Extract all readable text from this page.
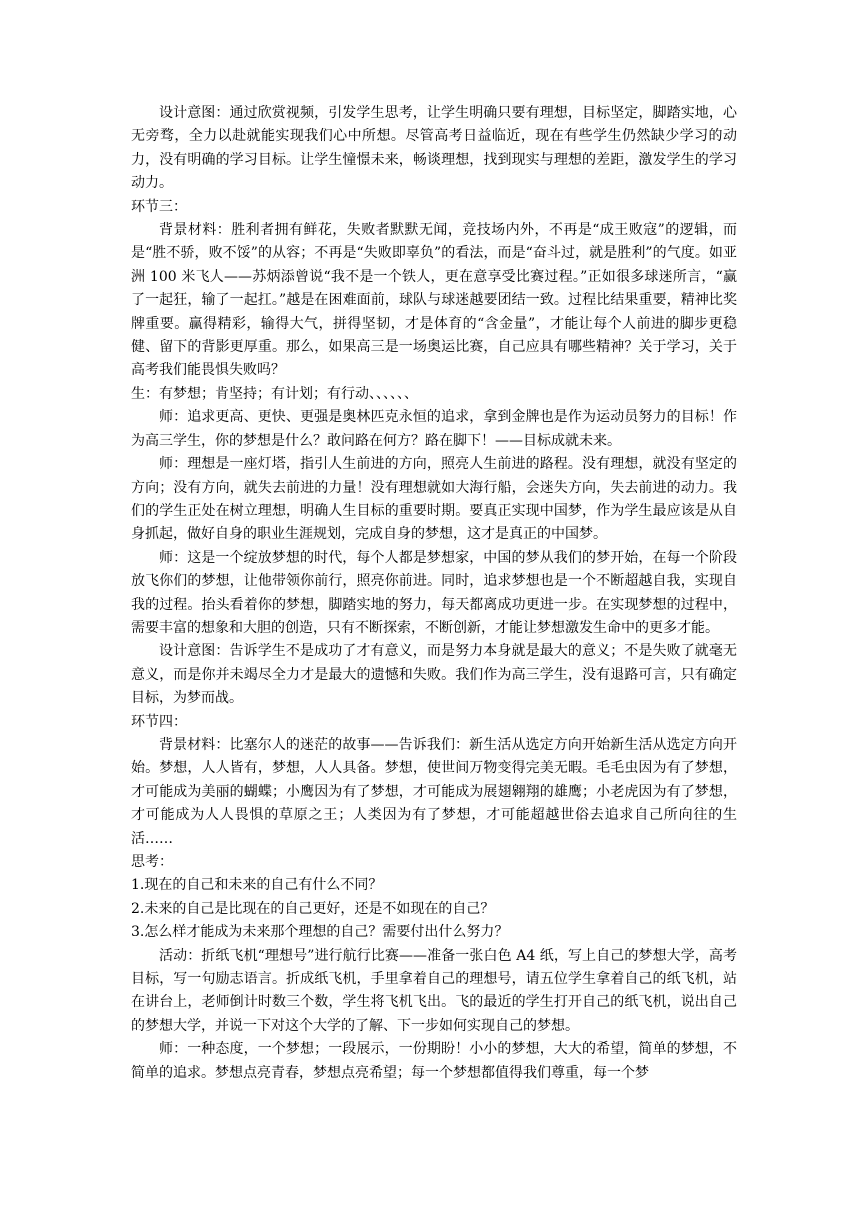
设计意图：通过欣赏视频，引发学生思考，让学生明确只要有理想，目标坚定，脚踏实地，心无旁骛，全力以赴就能实现我们心中所想。尽管高考日益临近，现在有些学生仍然缺少学习的动力，没有明确的学习目标。让学生憧憬未来，畅谈理想，找到现实与理想的差距，激发学生的学习动力。

环节三：

背景材料：胜利者拥有鲜花，失败者默默无闻，竞技场内外，不再是“成王败寇”的逻辑，而是“胜不骄，败不馁”的从容；不再是“失败即辜负”的看法，而是“奋斗过，就是胜利”的气度。如亚洲 100 米飞人——苏炳添曾说“我不是一个铁人，更在意享受比赛过程。”正如很多球迷所言，“赢了一起狂，输了一起扛。”越是在困难面前，球队与球迷越要团结一致。过程比结果重要，精神比奖牌重要。赢得精彩，输得大气，拼得坚韧，才是体育的“含金量”，才能让每个人前进的脚步更稳健、留下的背影更厚重。那么，如果高三是一场奥运比赛，自己应具有哪些精神？关于学习，关于高考我们能畏惧失败吗？

生：有梦想；肯坚持；有计划；有行动、、、、、、

师：追求更高、更快、更强是奥林匹克永恒的追求，拿到金牌也是作为运动员努力的目标！作为高三学生，你的梦想是什么？敢问路在何方？路在脚下！——目标成就未来。

师：理想是一座灯塔，指引人生前进的方向，照亮人生前进的路程。没有理想，就没有坚定的方向；没有方向，就失去前进的力量！没有理想就如大海行船，会迷失方向，失去前进的动力。我们的学生正处在树立理想，明确人生目标的重要时期。要真正实现中国梦，作为学生最应该是从自身抓起，做好自身的职业生涯规划，完成自身的梦想，这才是真正的中国梦。

师：这是一个绽放梦想的时代，每个人都是梦想家，中国的梦从我们的梦开始，在每一个阶段放飞你们的梦想，让他带领你前行，照亮你前进。同时，追求梦想也是一个不断超越自我，实现自我的过程。抬头看着你的梦想，脚踏实地的努力，每天都离成功更进一步。在实现梦想的过程中，需要丰富的想象和大胆的创造，只有不断探索，不断创新，才能让梦想激发生命中的更多才能。

设计意图：告诉学生不是成功了才有意义，而是努力本身就是最大的意义；不是失败了就毫无意义，而是你并未竭尽全力才是最大的遗憾和失败。我们作为高三学生，没有退路可言，只有确定目标，为梦而战。

环节四：

背景材料：比塞尔人的迷茫的故事——告诉我们：新生活从选定方向开始新生活从选定方向开始。梦想，人人皆有，梦想，人人具备。梦想，使世间万物变得完美无暇。毛毛虫因为有了梦想，才可能成为美丽的蝴蝶；小鹰因为有了梦想，才可能成为展翅翱翔的雄鹰；小老虎因为有了梦想，才可能成为人人畏惧的草原之王；人类因为有了梦想，才可能超越世俗去追求自己所向往的生活……

思考：

1.现在的自己和未来的自己有什么不同？

2.未来的自己是比现在的自己更好，还是不如现在的自己？

3.怎么样才能成为未来那个理想的自己？需要付出什么努力？

活动：折纸飞机“理想号”进行航行比赛——准备一张白色 A4 纸，写上自己的梦想大学，高考目标，写一句励志语言。折成纸飞机，手里拿着自己的理想号，请五位学生拿着自己的纸飞机，站在讲台上，老师倒计时数三个数，学生将飞机飞出。飞的最近的学生打开自己的纸飞机，说出自己的梦想大学，并说一下对这个大学的了解、下一步如何实现自己的梦想。

师：一种态度，一个梦想；一段展示，一份期盼！小小的梦想，大大的希望，简单的梦想，不简单的追求。梦想点亮青春，梦想点亮希望；每一个梦想都值得我们尊重，每一个梦
